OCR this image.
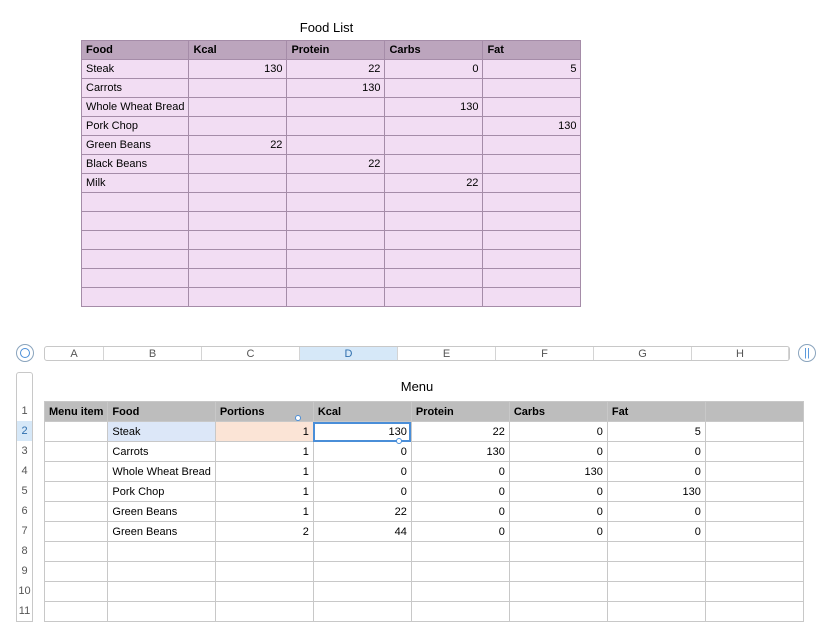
Food List
Food	Kcal	Protein	Carbs	Fat
Steak	130	22	0	5
Carrots		130		
Whole Wheat Bread			130	
Pork Chop				130
Green Beans	22			
Black Beans		22		
Milk			22	

A	B	C	D	E	F	G	H	||
1
2
3
4
5
6
7
8
9
10
11
Menu
Menu item	Food	Portions	Kcal	Protein	Carbs	Fat	
	Steak	1	130	22	0	5	
	Carrots	1	0	130	0	0	
	Whole Wheat Bread	1	0	0	130	0	
	Pork Chop	1	0	0	0	130	
	Green Beans	1	22	0	0	0	
	Green Beans	2	44	0	0	0	
